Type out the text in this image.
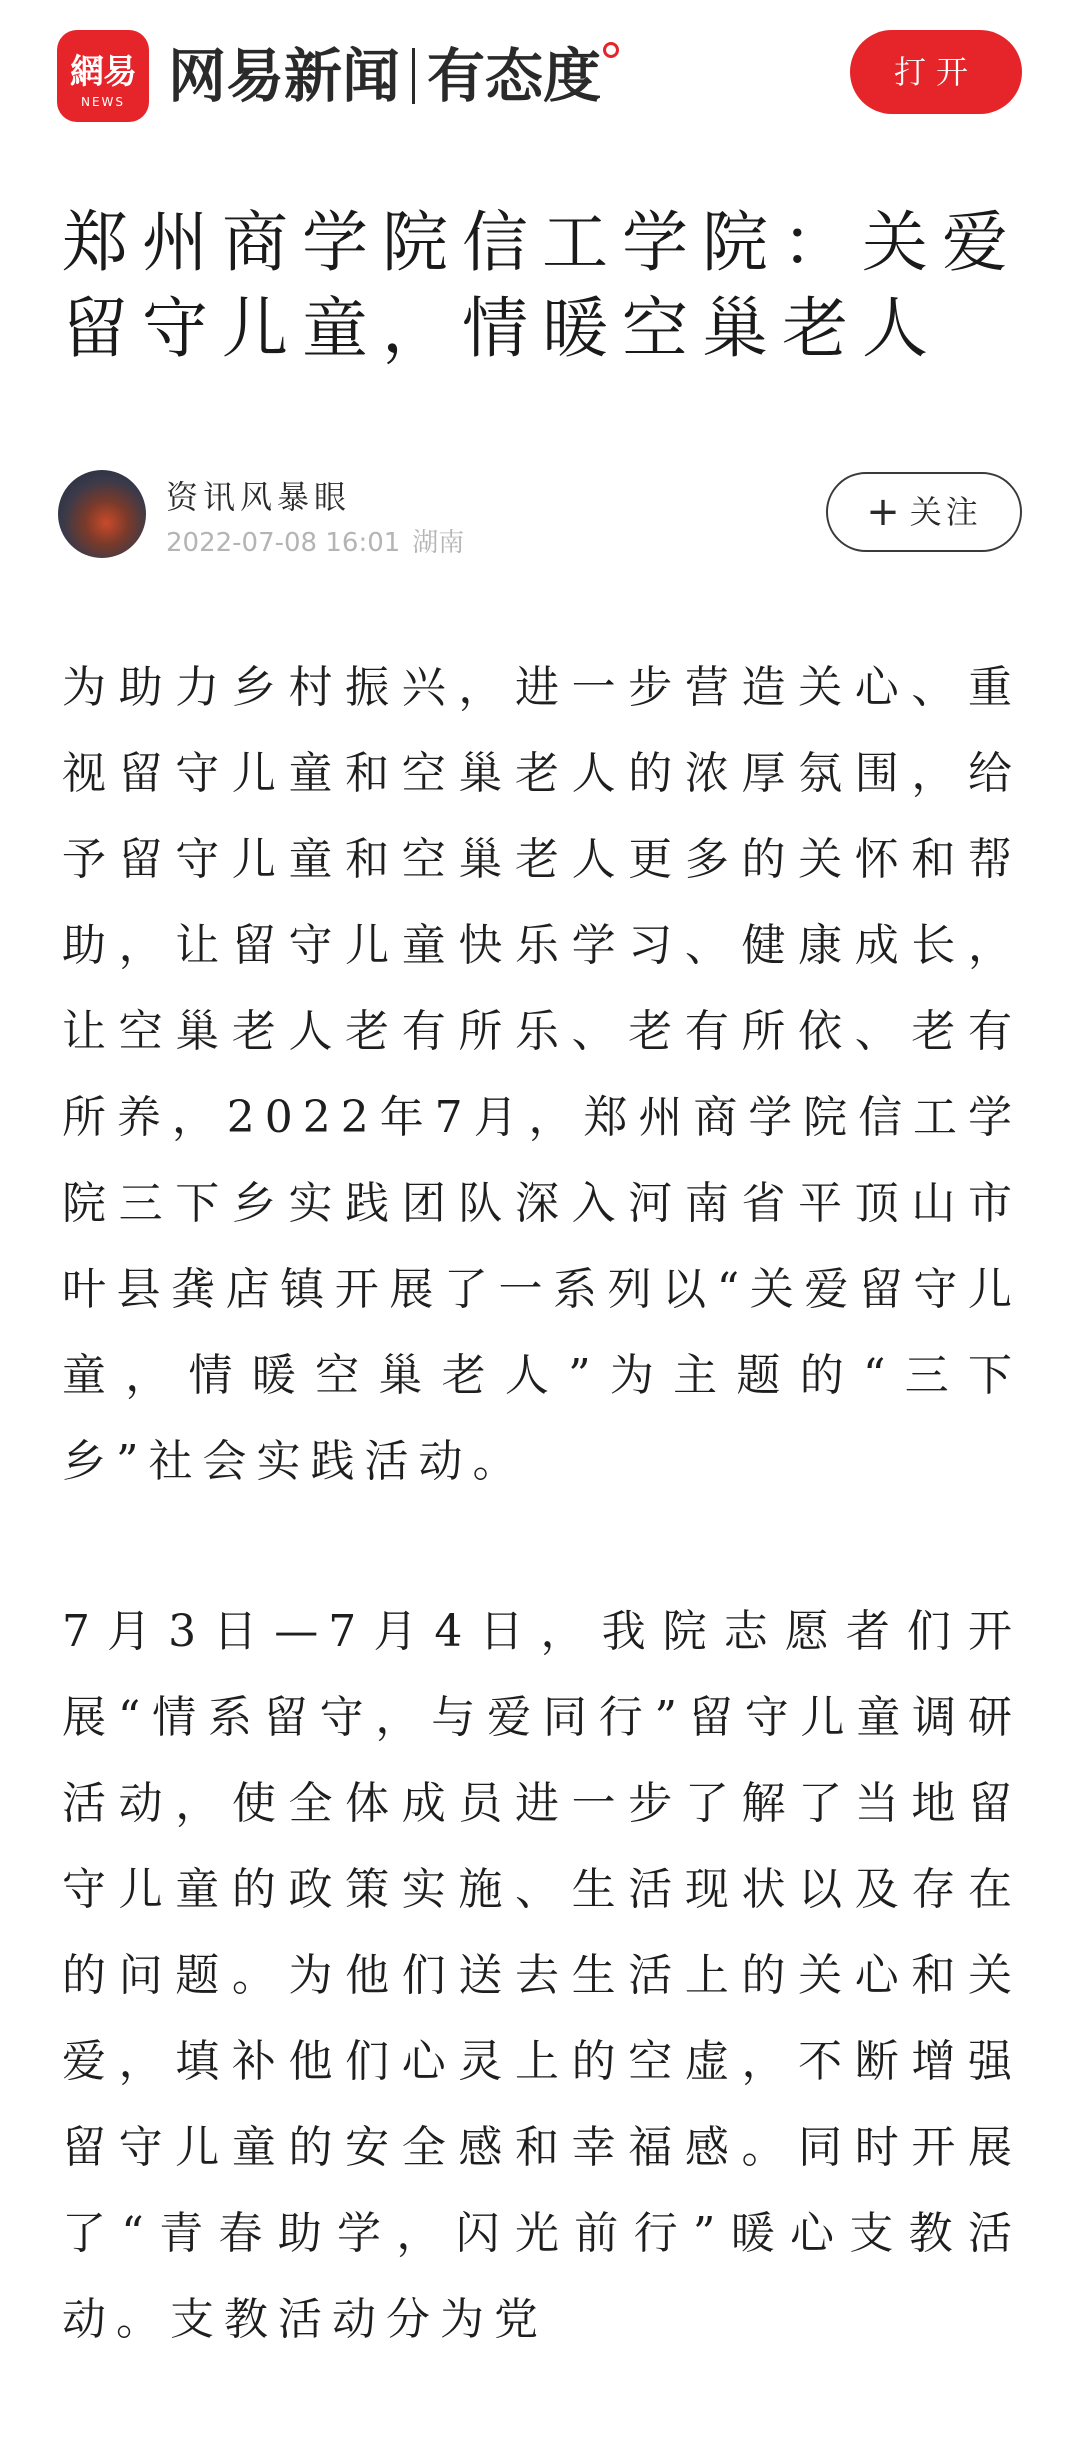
網易
NEWS 网易新闻 有态度	打开
郑州商学院信工学院：关爱留守儿童，情暖空巢老人
资讯风暴眼
2022-07-08 16:01 湖南
+ 关注

为助力乡村振兴，进一步营造关心、重视留守儿童和空巢老人的浓厚氛围，给予留守儿童和空巢老人更多的关怀和帮助，让留守儿童快乐学习、健康成长，让空巢老人老有所乐、老有所依、老有所养，2022年7月，郑州商学院信工学院三下乡实践团队深入河南省平顶山市叶县龚店镇开展了一系列以“关爱留守儿童，情暖空巢老人”为主题的“三下乡”社会实践活动。

7月3日—7月4日，我院志愿者们开展“情系留守，与爱同行”留守儿童调研活动，使全体成员进一步了解了当地留守儿童的政策实施、生活现状以及存在的问题。为他们送去生活上的关心和关爱，填补他们心灵上的空虚，不断增强留守儿童的安全感和幸福感。同时开展了“青春助学，闪光前行”暖心支教活动。支教活动分为党
